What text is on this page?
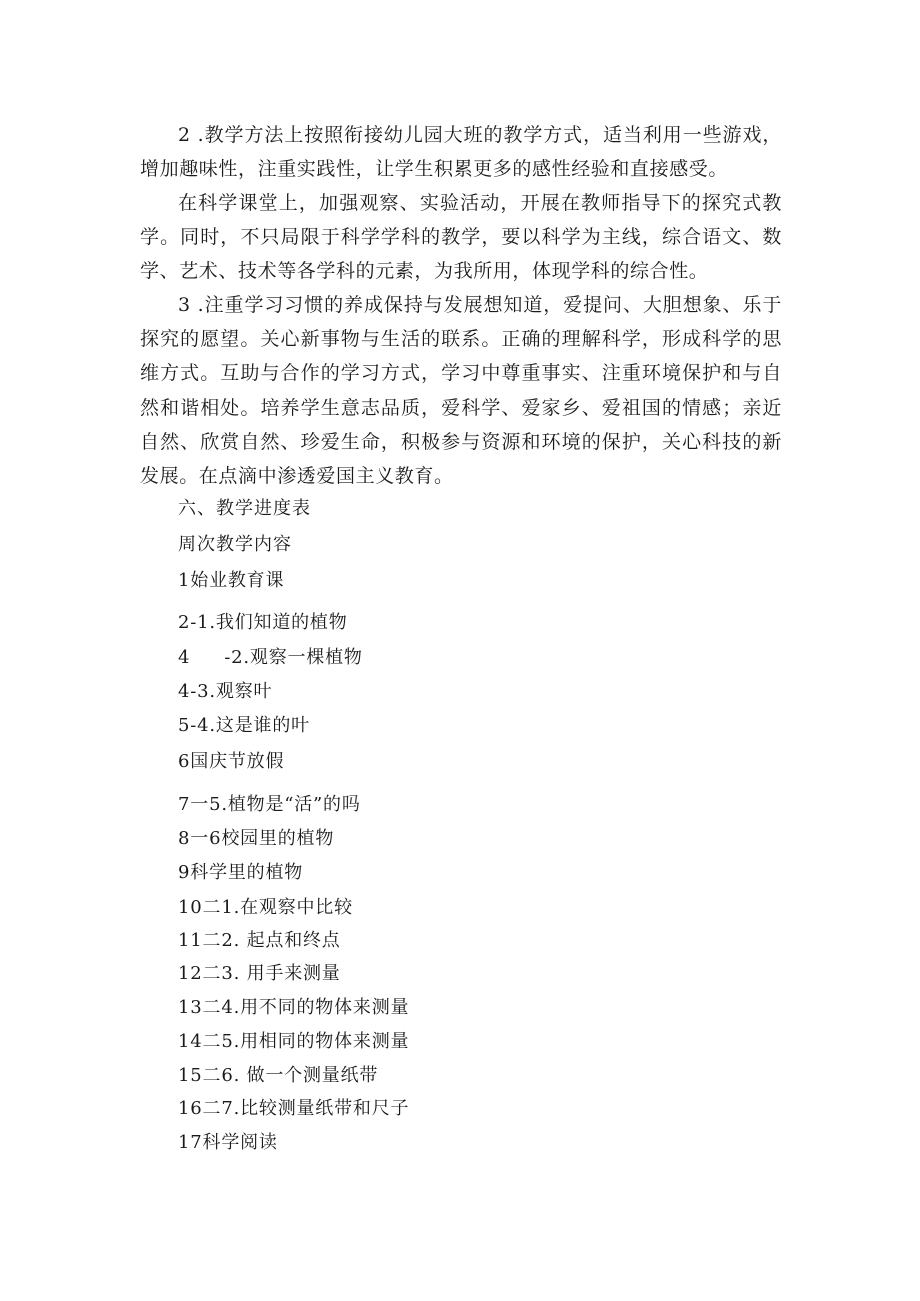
2 .教学方法上按照衔接幼儿园大班的教学方式，适当利用一些游戏，增加趣味性，注重实践性，让学生积累更多的感性经验和直接感受。

在科学课堂上，加强观察、实验活动，开展在教师指导下的探究式教学。同时，不只局限于科学学科的教学，要以科学为主线，综合语文、数学、艺术、技术等各学科的元素，为我所用，体现学科的综合性。

3 .注重学习习惯的养成保持与发展想知道，爱提问、大胆想象、乐于探究的愿望。关心新事物与生活的联系。正确的理解科学，形成科学的思维方式。互助与合作的学习方式，学习中尊重事实、注重环境保护和与自然和谐相处。培养学生意志品质，爱科学、爱家乡、爱祖国的情感；亲近自然、欣赏自然、珍爱生命，积极参与资源和环境的保护，关心科技的新发展。在点滴中渗透爱国主义教育。

六、教学进度表

周次教学内容

1始业教育课
2-1.我们知道的植物
4 -2.观察一棵植物
4-3.观察叶
5-4.这是谁的叶
6国庆节放假
7一5.植物是“活”的吗
8一6校园里的植物
9科学里的植物
10二1.在观察中比较
11二2. 起点和终点
12二3. 用手来测量
13二4.用不同的物体来测量
14二5.用相同的物体来测量
15二6. 做一个测量纸带
16二7.比较测量纸带和尺子
17科学阅读
